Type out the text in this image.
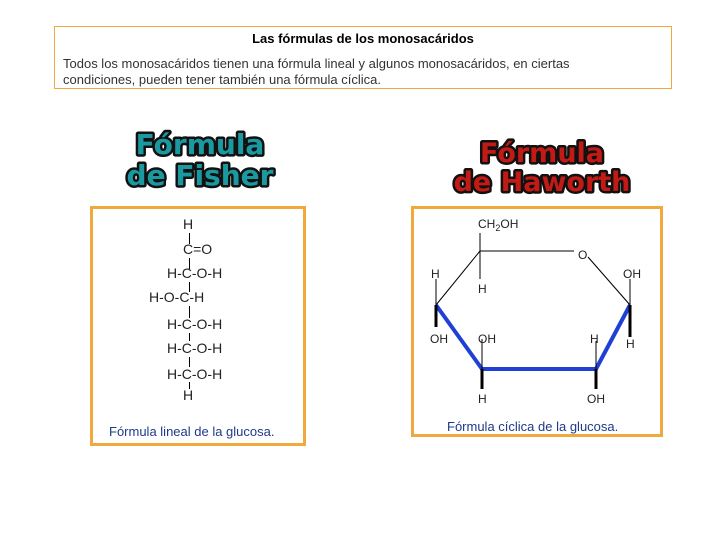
Las fórmulas de los monosacáridos
Todos los monosacáridos tienen una fórmula lineal y algunos monosacáridos, en ciertas
condiciones, pueden tener también una fórmula cíclica.
Fórmula
de Fisher
Fórmula
de Haworth
H
C=O
H-C-O-H
H-O-C-H
H-C-O-H
H-C-O-H
H-C-O-H
H
Fórmula lineal de la glucosa.
$CH_2OH$
O
H
H
OH
OH
H
OH
H
H
OH
Fórmula cíclica de la glucosa.
